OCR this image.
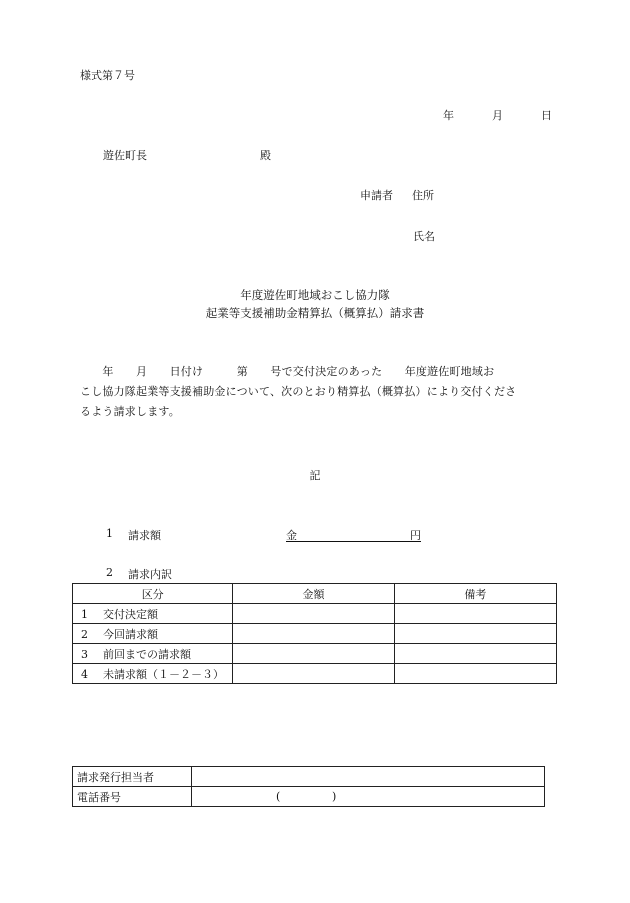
様式第７号
年	月	日
遊佐町長	殿
申請者 住所
氏名
年度遊佐町地域おこし協力隊
起業等支援補助金精算払（概算払）請求書
　　年　　月　　日付け　　　第　　号で交付決定のあった　　年度遊佐町地域お
こし協力隊起業等支援補助金について、次のとおり精算払（概算払）により交付くださ
るよう請求します。
記
1 請求額	金	円
2 請求内訳
区分	金額	備考
1 交付決定額		
2 今回請求額		
3 前回までの請求額		
4 未請求額（１－２－３）		
請求発行担当者	
電話番号	( )
